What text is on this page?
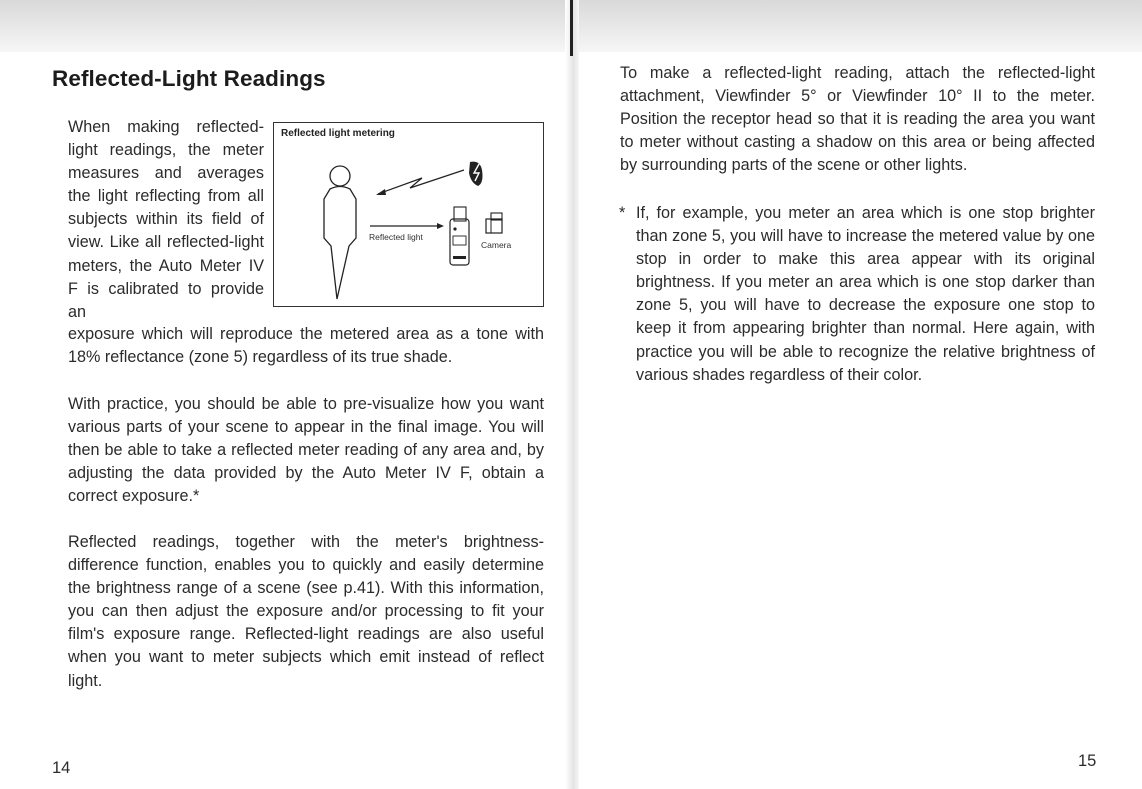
Reflected-Light Readings

When making reflected-light readings, the meter measures and averages the light reflecting from all subjects within its field of view. Like all reflected-light meters, the Auto Meter IV F is calibrated to provide an

Reflected light metering
Reflected light
Camera

exposure which will reproduce the metered area as a tone with 18% reflectance (zone 5) regardless of its true shade.

With practice, you should be able to pre-visualize how you want various parts of your scene to appear in the final image. You will then be able to take a reflected meter reading of any area and, by adjusting the data provided by the Auto Meter IV F, obtain a correct exposure.*

Reflected readings, together with the meter's brightness-difference function, enables you to quickly and easily determine the brightness range of a scene (see p.41). With this information, you can then adjust the exposure and/or processing to fit your film's exposure range. Reflected-light readings are also useful when you want to meter subjects which emit instead of reflect light.

14

To make a reflected-light reading, attach the reflected-light attachment, Viewfinder 5° or Viewfinder 10° II to the meter. Position the receptor head so that it is reading the area you want to meter without casting a shadow on this area or being affected by surrounding parts of the scene or other lights.

* If, for example, you meter an area which is one stop brighter than zone 5, you will have to increase the metered value by one stop in order to make this area appear with its original brightness. If you meter an area which is one stop darker than zone 5, you will have to decrease the exposure one stop to keep it from appearing brighter than normal. Here again, with practice you will be able to recognize the relative brightness of various shades regardless of their color.

15
